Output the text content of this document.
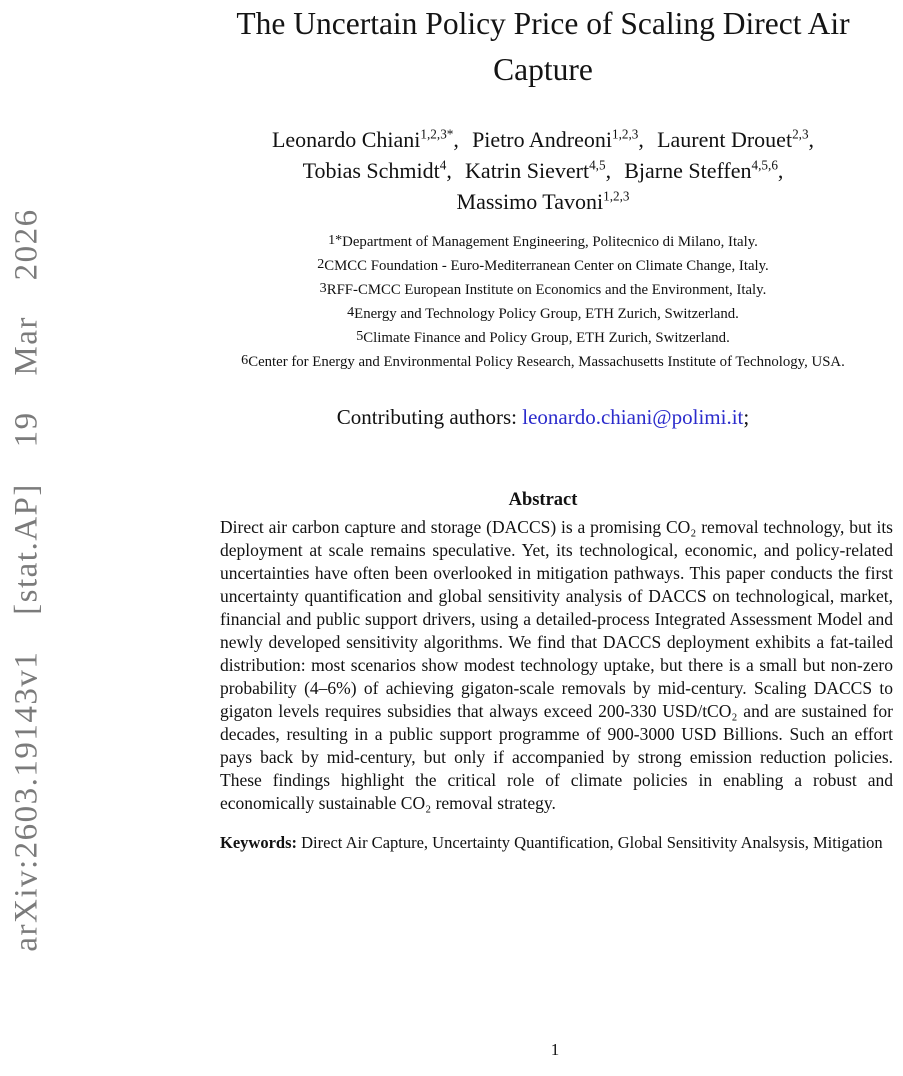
arXiv:2603.19143v1 [stat.AP] 19 Mar 2026
The Uncertain Policy Price of Scaling Direct Air Capture
Leonardo Chiani$^{1,2,3*}$, Pietro Andreoni$^{1,2,3}$, Laurent Drouet$^{2,3}$,
Tobias Schmidt$^4$, Katrin Sievert$^{4,5}$, Bjarne Steffen$^{4,5,6}$,
Massimo Tavoni$^{1,2,3}$
$^{1*}$Department of Management Engineering, Politecnico di Milano, Italy.
$^2$CMCC Foundation - Euro-Mediterranean Center on Climate Change, Italy.
$^3$RFF-CMCC European Institute on Economics and the Environment, Italy.
$^4$Energy and Technology Policy Group, ETH Zurich, Switzerland.
$^5$Climate Finance and Policy Group, ETH Zurich, Switzerland.
$^6$Center for Energy and Environmental Policy Research, Massachusetts Institute of Technology, USA.
Contributing authors: leonardo.chiani@polimi.it;
Abstract
Direct air carbon capture and storage (DACCS) is a promising CO₂ removal technology, but its deployment at scale remains speculative. Yet, its technological, economic, and policy-related uncertainties have often been overlooked in mitigation pathways. This paper conducts the first uncertainty quantification and global sensitivity analysis of DACCS on technological, market, financial and public support drivers, using a detailed-process Integrated Assessment Model and newly developed sensitivity algorithms. We find that DACCS deployment exhibits a fat-tailed distribution: most scenarios show modest technology uptake, but there is a small but non-zero probability (4–6%) of achieving gigaton-scale removals by mid-century. Scaling DACCS to gigaton levels requires subsidies that always exceed 200-330 USD/tCO₂ and are sustained for decades, resulting in a public support programme of 900-3000 USD Billions. Such an effort pays back by mid-century, but only if accompanied by strong emission reduction policies. These findings highlight the critical role of climate policies in enabling a robust and economically sustainable CO₂ removal strategy.
Keywords: Direct Air Capture, Uncertainty Quantification, Global Sensitivity Analsysis, Mitigation
1
